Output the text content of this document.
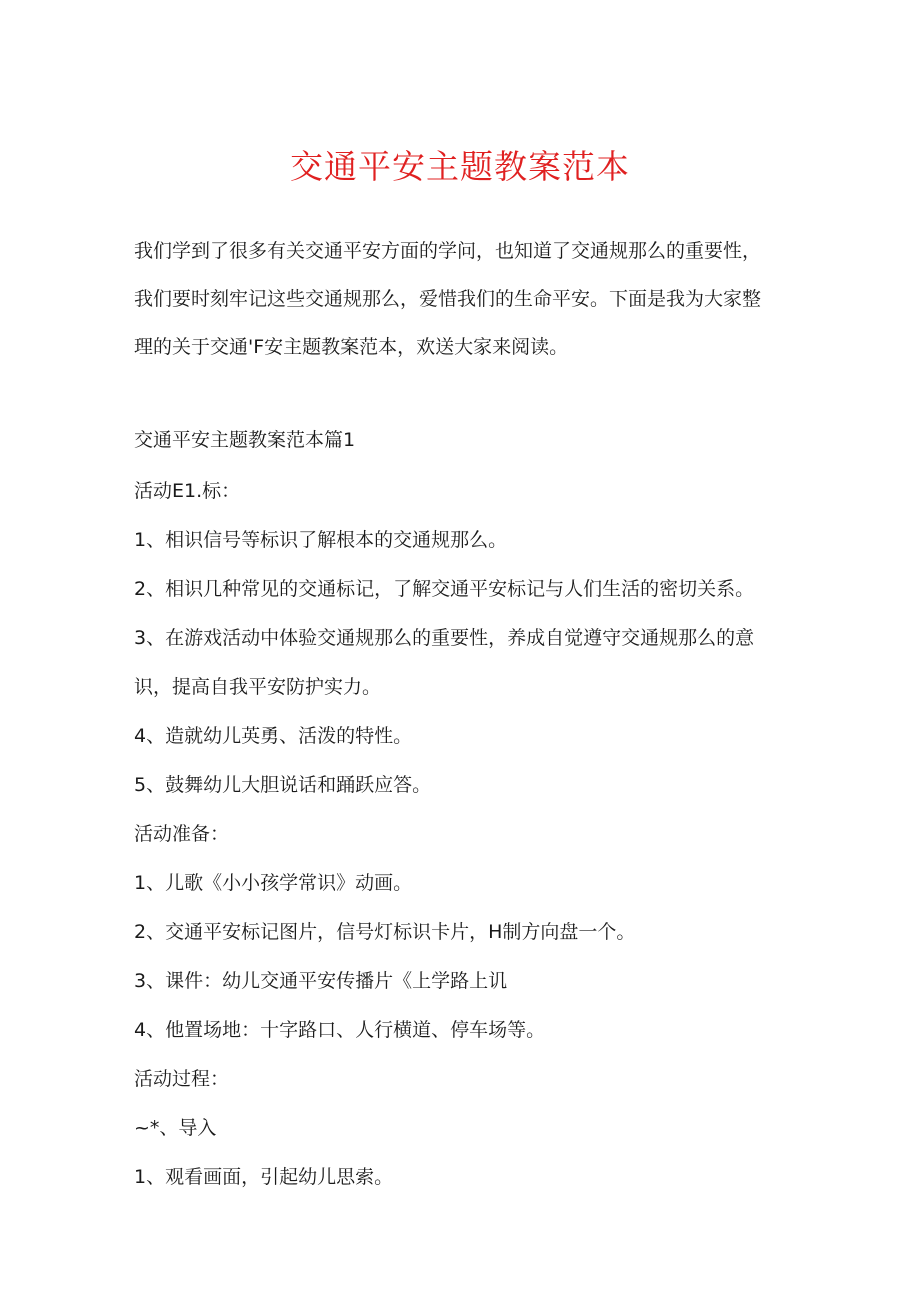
交通平安主题教案范本

我们学到了很多有关交通平安方面的学问，也知道了交通规那么的重要性，

我们要时刻牢记这些交通规那么，爱惜我们的生命平安。下面是我为大家整

理的关于交通'F安主题教案范本，欢送大家来阅读。

交通平安主题教案范本篇1
活动E1.标：
1、相识信号等标识了解根本的交通规那么。
2、相识几种常见的交通标记，了解交通平安标记与人们生活的密切关系。
3、在游戏活动中体验交通规那么的重要性，养成自觉遵守交通规那么的意
识，提高自我平安防护实力。
4、造就幼儿英勇、活泼的特性。
5、鼓舞幼儿大胆说话和踊跃应答。
活动准备：
1、儿歌《小小孩学常识》动画。
2、交通平安标记图片，信号灯标识卡片，H制方向盘一个。
3、课件：幼儿交通平安传播片《上学路上讥
4、他置场地：十字路口、人行横道、停车场等。
活动过程：
~*、导入
1、观看画面，引起幼儿思索。
